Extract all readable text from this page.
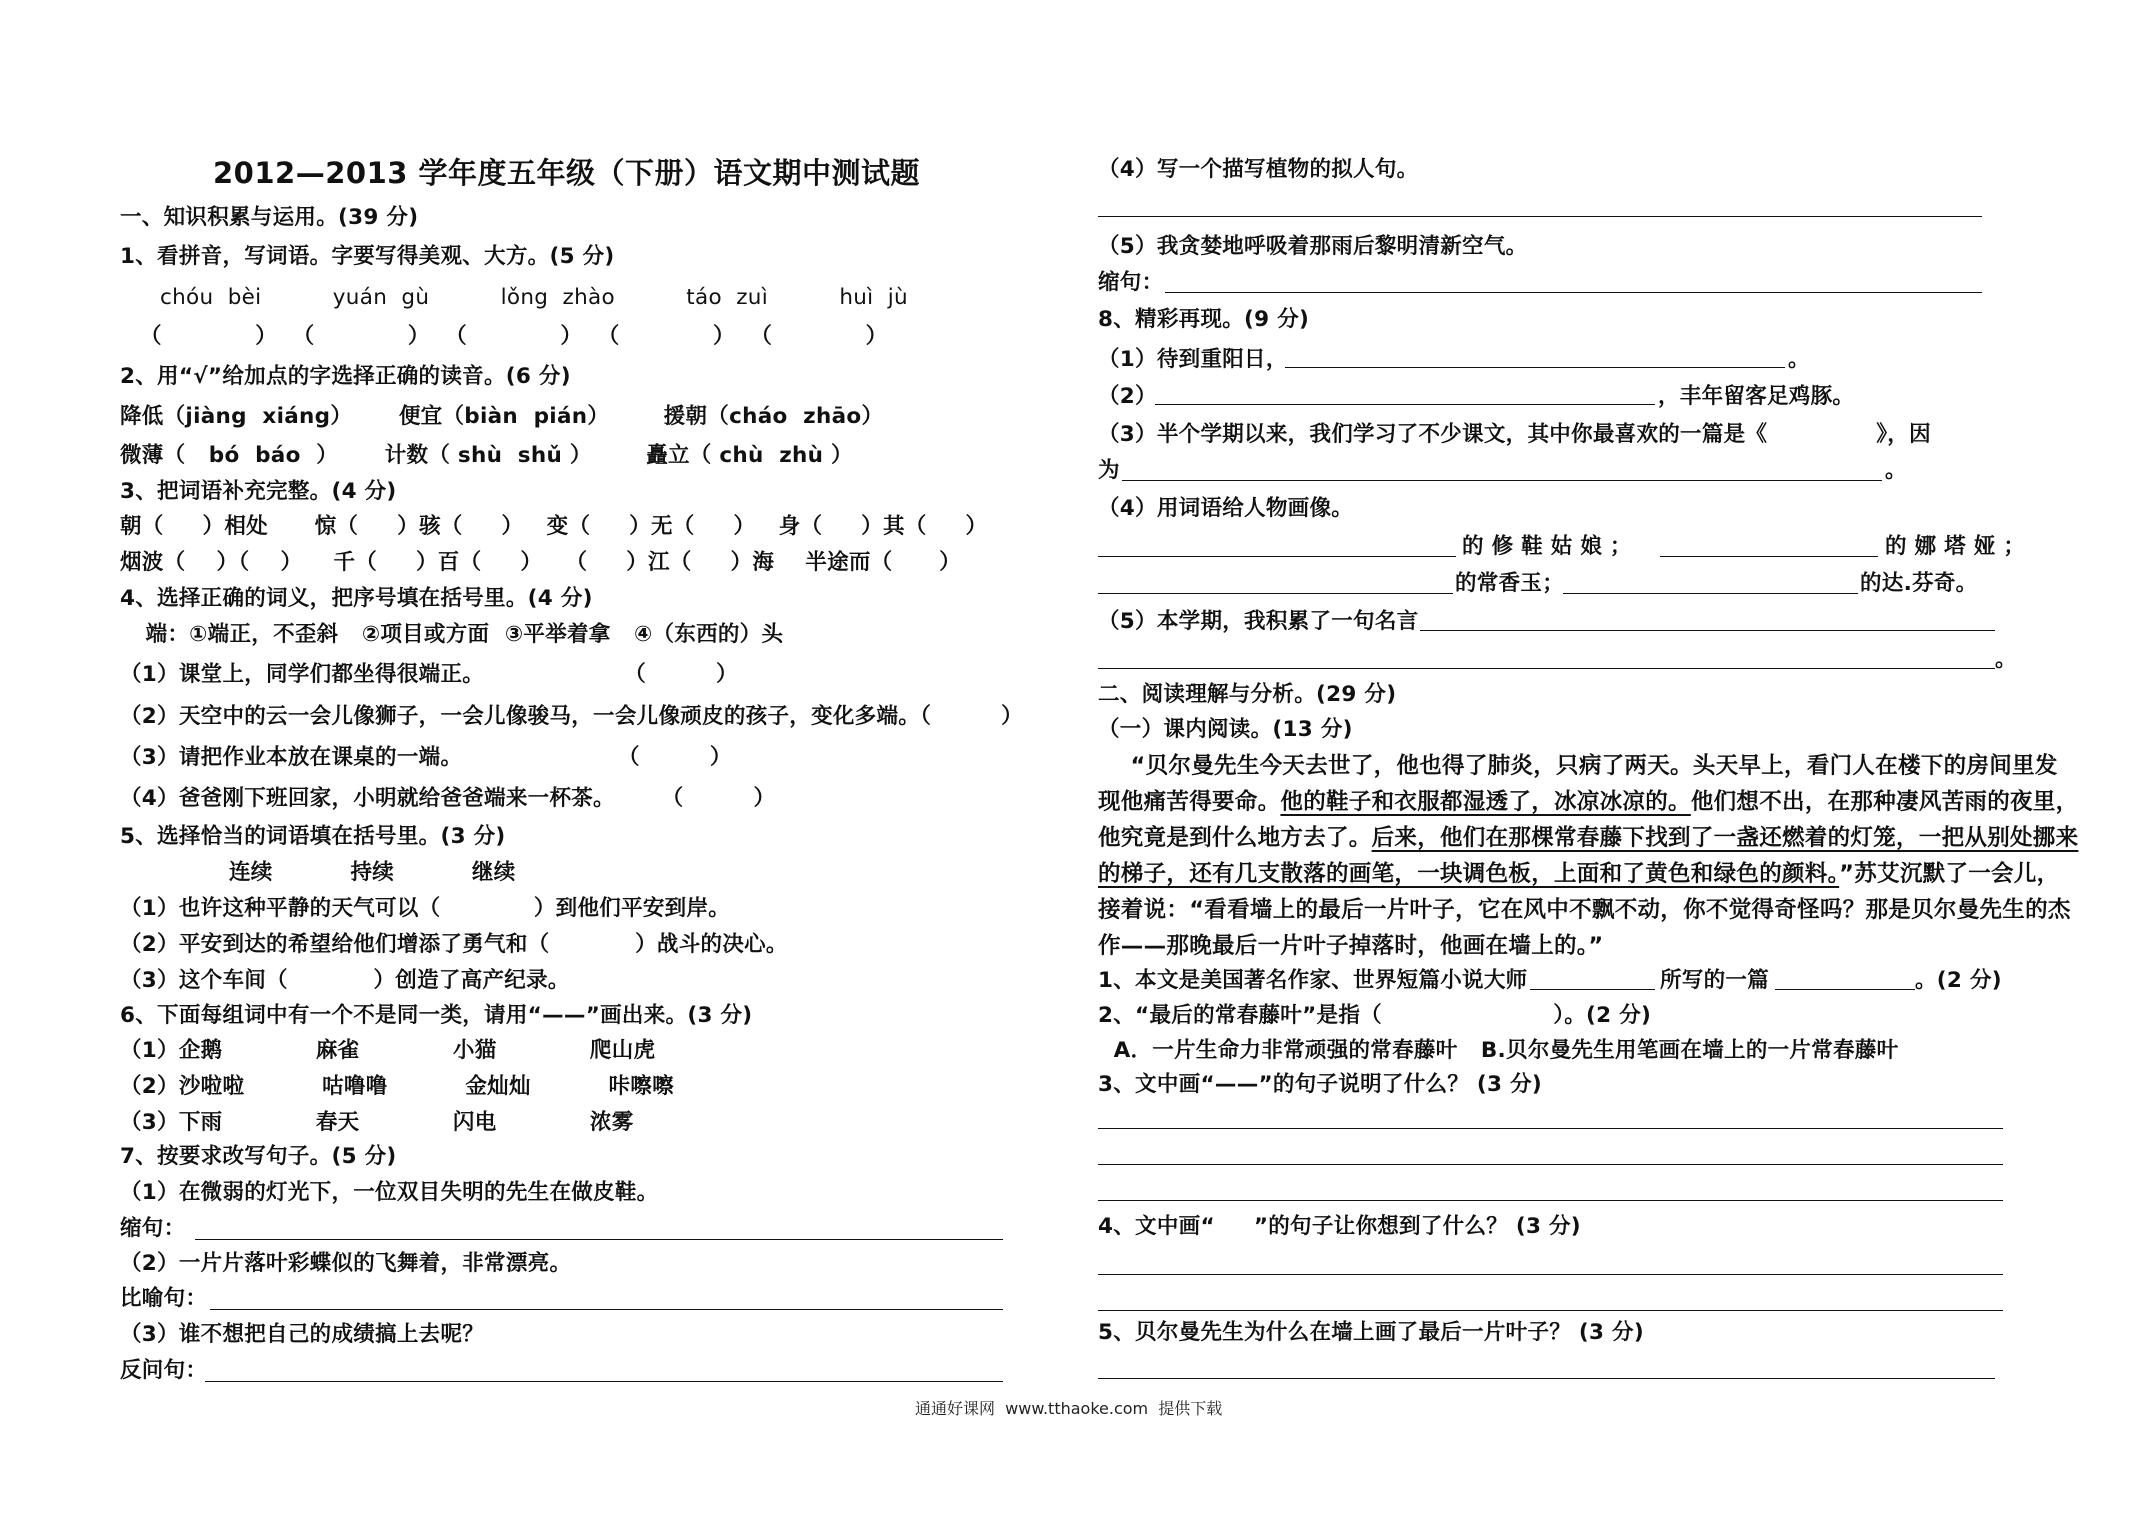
2012—2013 学年度五年级（下册）语文期中测试题
一、知识积累与运用。(39 分)
1、看拼音，写词语。字要写得美观、大方。(5 分)
chóu  bèi          yuán  gù          lǒng  zhào          táo  zuì          huì  jù
（            ）  （            ）  （            ）  （            ）  （            ）
2、用“√”给加点的字选择正确的读音。(6 分)
降低（jiàng  xiáng）      便宜（biàn  pián）       援朝（cháo  zhāo）
微薄（   bó  báo  ）      计数（ shù  shǔ ）       矗立（ chù  zhù ）
3、把词语补充完整。(4 分)
朝（     ）相处      惊（     ）骇（     ）   变（     ）无（     ）   身（     ）其（     ）
烟波（    ）（    ）    千（     ）百（     ）   （     ）江（     ）海    半途而（      ）
4、选择正确的词义，把序号填在括号里。(4 分)
端：①端正，不歪斜   ②项目或方面  ③平举着拿   ④（东西的）头
（1）课堂上，同学们都坐得很端正。                  （         ）
（2）天空中的云一会儿像狮子，一会儿像骏马，一会儿像顽皮的孩子，变化多端。（         ）
（3）请把作业本放在课桌的一端。                    （         ）
（4）爸爸刚下班回家，小明就给爸爸端来一杯茶。      （         ）
5、选择恰当的词语填在括号里。(3 分)
连续          持续          继续
（1）也许这种平静的天气可以（            ）到他们平安到岸。
（2）平安到达的希望给他们增添了勇气和（           ）战斗的决心。
（3）这个车间（           ）创造了高产纪录。
6、下面每组词中有一个不是同一类，请用“——”画出来。(3 分)
（1）企鹅            麻雀            小猫            爬山虎
（2）沙啦啦          咕噜噜          金灿灿          咔嚓嚓
（3）下雨            春天            闪电            浓雾
7、按要求改写句子。(5 分)
（1）在微弱的灯光下，一位双目失明的先生在做皮鞋。
缩句：
（2）一片片落叶彩蝶似的飞舞着，非常漂亮。
比喻句：
（3）谁不想把自己的成绩搞上去呢？
反问句：
（4）写一个描写植物的拟人句。
（5）我贪婪地呼吸着那雨后黎明清新空气。
缩句：
8、精彩再现。(9 分)
（1）待到重阳日，	。
（2）	，丰年留客足鸡豚。
（3）半个学期以来，我们学习了不少课文，其中你最喜欢的一篇是《              》，因
为	。
（4）用词语给人物画像。
的 修 鞋 姑 娘 ；	的 娜 塔 娅 ；
的常香玉；	的达.芬奇。
（5）本学期，我积累了一句名言
。
二、阅读理解与分析。(29 分)
（一）课内阅读。(13 分)
“贝尔曼先生今天去世了，他也得了肺炎，只病了两天。头天早上，看门人在楼下的房间里发
现他痛苦得要命。他的鞋子和衣服都湿透了，冰凉冰凉的。他们想不出，在那种凄风苦雨的夜里，
他究竟是到什么地方去了。后来，他们在那棵常春藤下找到了一盏还燃着的灯笼，一把从别处挪来
的梯子，还有几支散落的画笔，一块调色板，上面和了黄色和绿色的颜料。”苏艾沉默了一会儿，
接着说：“看看墙上的最后一片叶子，它在风中不飘不动，你不觉得奇怪吗？那是贝尔曼先生的杰
作——那晚最后一片叶子掉落时，他画在墙上的。”
1、本文是美国著名作家、世界短篇小说大师	所写的一篇	。(2 分)
2、“最后的常春藤叶”是指（                      ）。(2 分)
A．一片生命力非常顽强的常春藤叶   B.贝尔曼先生用笔画在墙上的一片常春藤叶
3、文中画“——”的句子说明了什么？ (3 分)
4、文中画“     ”的句子让你想到了什么？ (3 分)
5、贝尔曼先生为什么在墙上画了最后一片叶子？ (3 分)
通通好课网  www.tthaoke.com  提供下载
